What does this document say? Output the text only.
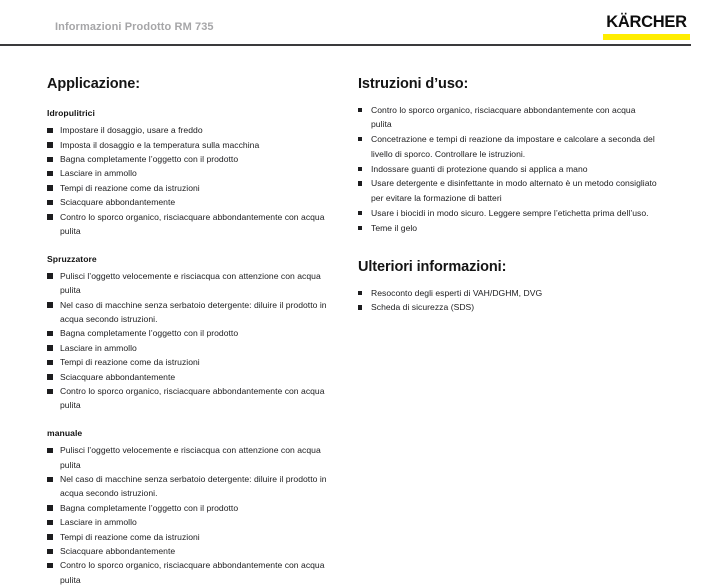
Informazioni Prodotto RM 735	KÄRCHER
Applicazione:
Idropulitrici
Impostare il dosaggio, usare a freddo
Imposta il dosaggio e la temperatura sulla macchina
Bagna completamente l’oggetto con il prodotto
Lasciare in ammollo
Tempi di reazione come da istruzioni
Sciacquare abbondantemente
Contro lo sporco organico, risciacquare abbondantemente con acqua pulita
Spruzzatore
Pulisci l’oggetto velocemente e risciacqua con attenzione con acqua pulita
Nel caso di macchine senza serbatoio detergente: diluire il prodotto in acqua secondo istruzioni.
Bagna completamente l’oggetto con il prodotto
Lasciare in ammollo
Tempi di reazione come da istruzioni
Sciacquare abbondantemente
Contro lo sporco organico, risciacquare abbondantemente con acqua pulita
manuale
Pulisci l’oggetto velocemente e risciacqua con attenzione con acqua pulita
Nel caso di macchine senza serbatoio detergente: diluire il prodotto in acqua secondo istruzioni.
Bagna completamente l’oggetto con il prodotto
Lasciare in ammollo
Tempi di reazione come da istruzioni
Sciacquare abbondantemente
Contro lo sporco organico, risciacquare abbondantemente con acqua pulita
Istruzioni d’uso:
Contro lo sporco organico, risciacquare abbondantemente con acqua pulita
Concetrazione e tempi di reazione da impostare e calcolare a seconda del livello di sporco. Controllare le istruzioni.
Indossare guanti di protezione quando si applica a mano
Usare detergente e disinfettante in modo alternato è un metodo consigliato per evitare la formazione di batteri
Usare i biocidi in modo sicuro. Leggere sempre l’etichetta prima dell’uso.
Teme il gelo
Ulteriori informazioni:
Resoconto degli esperti di VAH/DGHM, DVG
Scheda di sicurezza (SDS)
